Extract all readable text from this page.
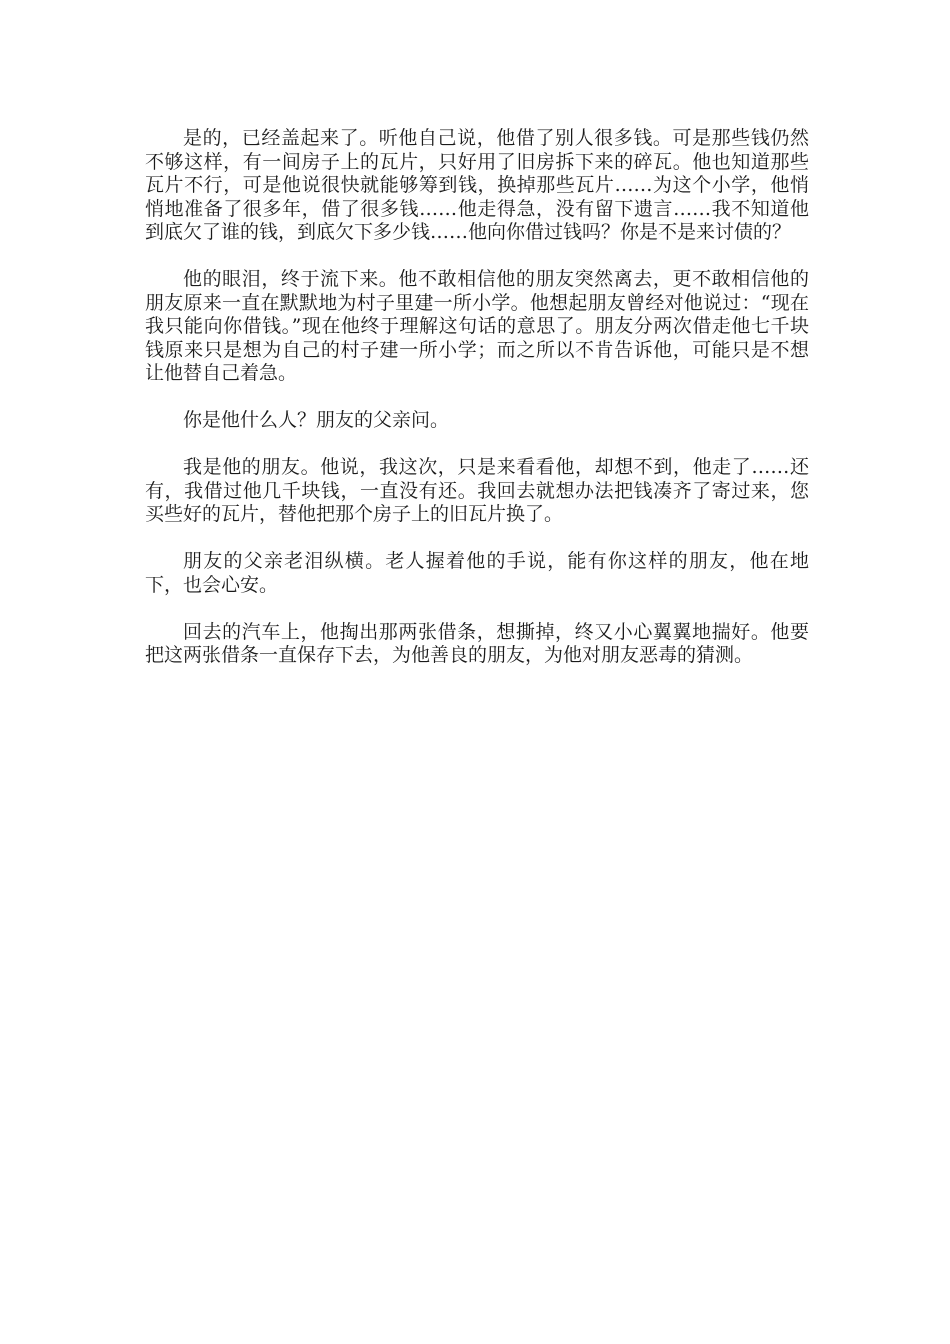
是的，已经盖起来了。听他自己说，他借了别人很多钱。可是那些钱仍然不够这样，有一间房子上的瓦片，只好用了旧房拆下来的碎瓦。他也知道那些瓦片不行，可是他说很快就能够筹到钱，换掉那些瓦片……为这个小学，他悄悄地准备了很多年，借了很多钱……他走得急，没有留下遗言……我不知道他到底欠了谁的钱，到底欠下多少钱……他向你借过钱吗？你是不是来讨债的？

他的眼泪，终于流下来。他不敢相信他的朋友突然离去，更不敢相信他的朋友原来一直在默默地为村子里建一所小学。他想起朋友曾经对他说过：“现在我只能向你借钱。”现在他终于理解这句话的意思了。朋友分两次借走他七千块钱原来只是想为自己的村子建一所小学；而之所以不肯告诉他，可能只是不想让他替自己着急。

你是他什么人？朋友的父亲问。

我是他的朋友。他说，我这次，只是来看看他，却想不到，他走了……还有，我借过他几千块钱，一直没有还。我回去就想办法把钱凑齐了寄过来，您买些好的瓦片，替他把那个房子上的旧瓦片换了。

朋友的父亲老泪纵横。老人握着他的手说，能有你这样的朋友，他在地下，也会心安。

回去的汽车上，他掏出那两张借条，想撕掉，终又小心翼翼地揣好。他要把这两张借条一直保存下去，为他善良的朋友，为他对朋友恶毒的猜测。
